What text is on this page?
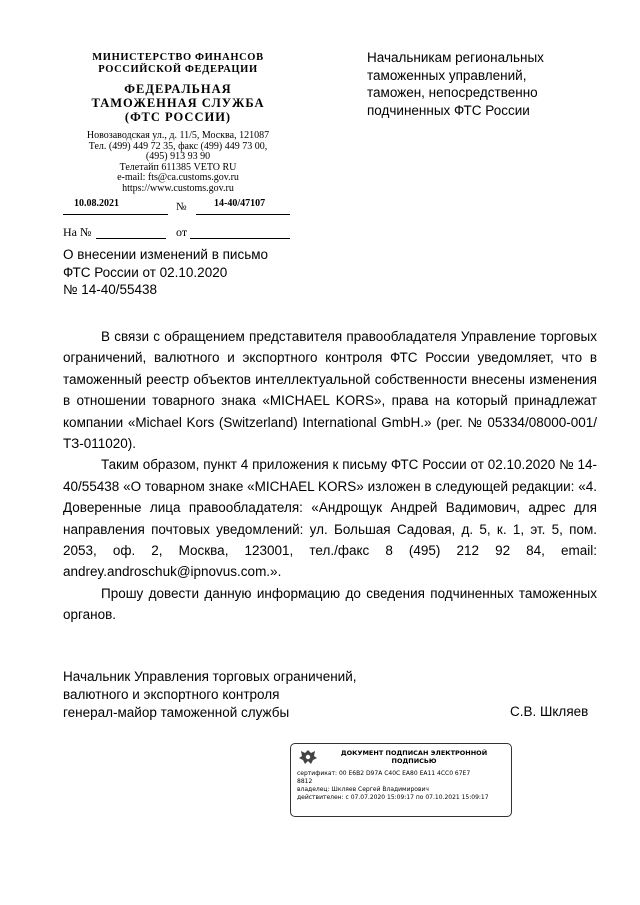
МИНИСТЕРСТВО ФИНАНСОВ
РОССИЙСКОЙ ФЕДЕРАЦИИ
ФЕДЕРАЛЬНАЯ
ТАМОЖЕННАЯ СЛУЖБА
(ФТС РОССИИ)
Новозаводская ул., д. 11/5, Москва, 121087
Тел. (499) 449 72 35, факс (499) 449 73 00,
(495) 913 93 90
Телетайп 611385 VETO RU
e-mail: fts@ca.customs.gov.ru
https://www.customs.gov.ru
10.08.2021	№	14-40/47107
На №	от
Начальникам региональных
таможенных управлений,
таможен, непосредственно
подчиненных ФТС России
О внесении изменений в письмо
ФТС России от 02.10.2020
№ 14-40/55438

В связи с обращением представителя правообладателя Управление торговых ограничений, валютного и экспортного контроля ФТС России уведомляет, что в таможенный реестр объектов интеллектуальной собственности внесены изменения в отношении товарного знака «MICHAEL KORS», права на который принадлежат компании «Michael Kors (Switzerland) International GmbH.» (рег. № 05334/08000-001/ТЗ-011020).

Таким образом, пункт 4 приложения к письму ФТС России от 02.10.2020 № 14-40/55438 «О товарном знаке «MICHAEL KORS» изложен в следующей редакции: «4. Доверенные лица правообладателя: «Андрощук Андрей Вадимович, адрес для направления почтовых уведомлений: ул. Большая Садовая, д. 5, к. 1, эт. 5, пом. 2053, оф. 2, Москва, 123001, тел./факс 8 (495) 212 92 84, email: andrey.androschuk@ipnovus.com.».

Прошу довести данную информацию до сведения подчиненных таможенных органов.

Начальник Управления торговых ограничений,
валютного и экспортного контроля
генерал-майор таможенной службы	С.В. Шкляев
ДОКУМЕНТ ПОДПИСАН ЭЛЕКТРОННОЙ
ПОДПИСЬЮ
сертификат: 00 E6B2 D97A C40C EA80 EA11 4CC0 67E7
8812
владелец: Шкляев Сергей Владимирович
действителен: с 07.07.2020 15:09:17 по 07.10.2021 15:09:17
